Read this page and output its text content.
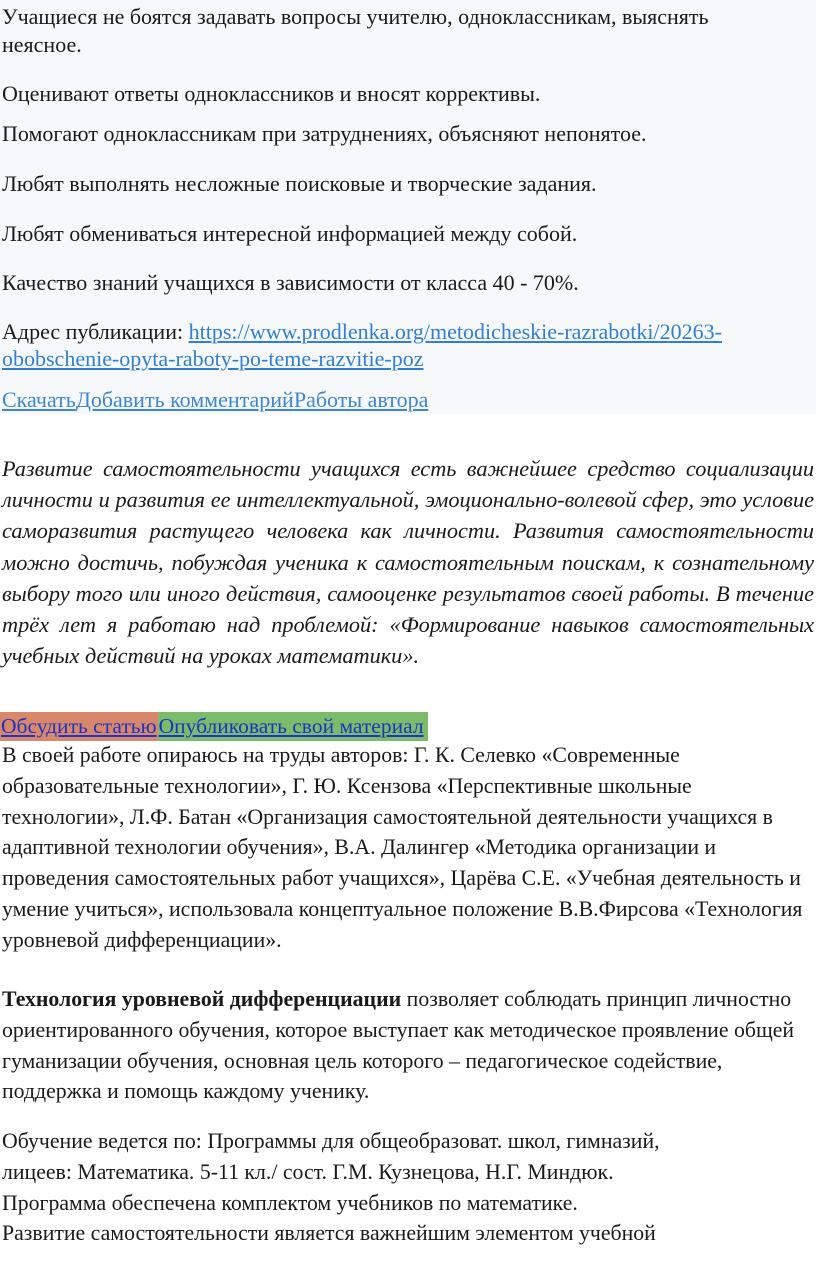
Учащиеся не боятся задавать вопросы учителю, одноклассникам, выяснять
неясное.
Оценивают ответы одноклассников и вносят коррективы.
Помогают одноклассникам при затруднениях, объясняют непонятое.
Любят выполнять несложные поисковые и творческие задания.
Любят обмениваться интересной информацией между собой.
Качество знаний учащихся в зависимости от класса 40 - 70%.
Адрес публикации: https://www.prodlenka.org/metodicheskie-razrabotki/20263-
obobschenie-opyta-raboty-po-teme-razvitie-poz
СкачатьДобавить комментарийРаботы автора
Развитие самостоятельности учащихся есть важнейшее средство социализации личности и развития ее интеллектуальной, эмоционально-волевой сфер, это условие саморазвития растущего человека как личности. Развития самостоятельности можно достичь, побуждая ученика к самостоятельным поискам, к сознательному выбору того или иного действия, самооценке результатов своей работы. В течение трёх лет я работаю над проблемой: «Формирование навыков самостоятельных учебных действий на уроках математики».
Обсудить статью Опубликовать свой материал
В своей работе опираюсь на труды авторов: Г. К. Селевко «Современные образовательные технологии», Г. Ю. Ксензова «Перспективные школьные технологии», Л.Ф. Батан «Организация самостоятельной деятельности учащихся в адаптивной технологии обучения», В.А. Далингер «Методика организации и проведения самостоятельных работ учащихся», Царёва С.Е. «Учебная деятельность и умение учиться», использовала концептуальное положение В.В.Фирсова «Технология уровневой дифференциации».
Технология уровневой дифференциации позволяет соблюдать принцип личностно ориентированного обучения, которое выступает как методическое проявление общей гуманизации обучения, основная цель которого – педагогическое содействие, поддержка и помощь каждому ученику.
Обучение ведется по: Программы для общеобразоват. школ, гимназий,
лицеев: Математика. 5-11 кл./ сост. Г.М. Кузнецова, Н.Г. Миндюк.
Программа обеспечена комплектом учебников по математике.
Развитие самостоятельности является важнейшим элементом учебной
